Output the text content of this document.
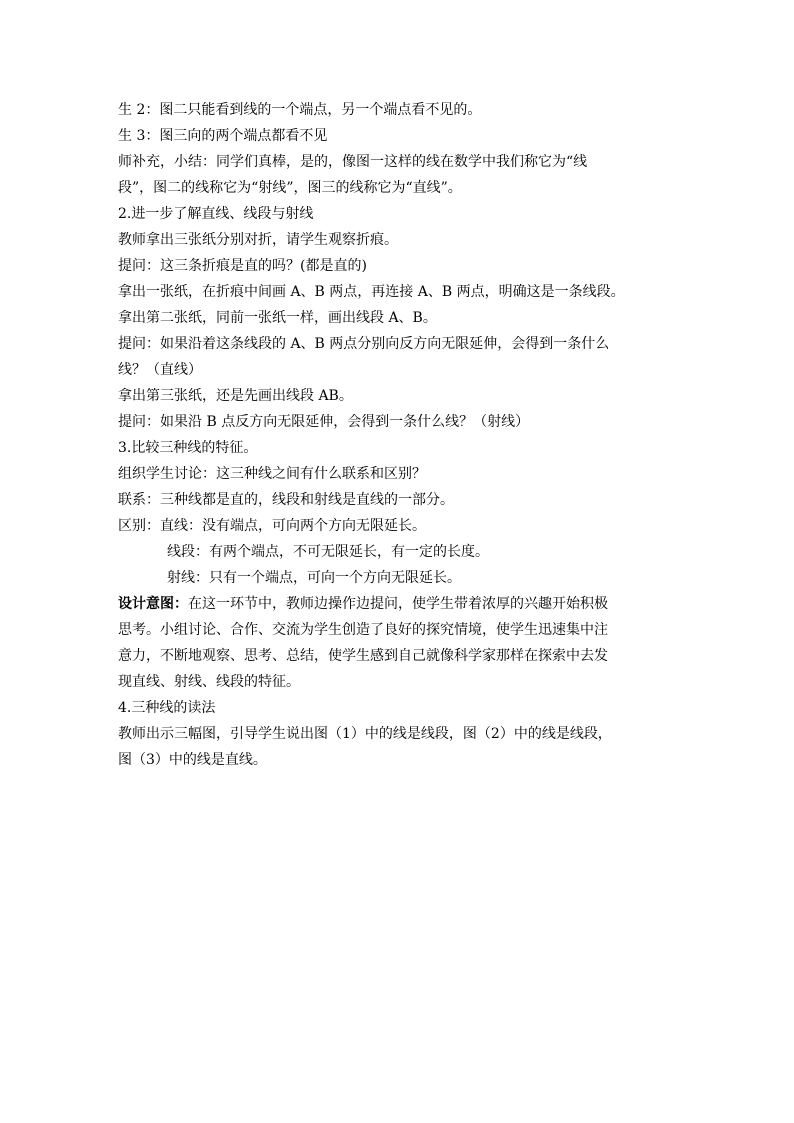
生 2：图二只能看到线的一个端点，另一个端点看不见的。
生 3：图三向的两个端点都看不见
师补充，小结：同学们真棒，是的，像图一这样的线在数学中我们称它为“线
段”，图二的线称它为“射线”，图三的线称它为“直线”。
2.进一步了解直线、线段与射线
教师拿出三张纸分别对折，请学生观察折痕。
提问：这三条折痕是直的吗？(都是直的)
拿出一张纸，在折痕中间画 A、B 两点，再连接 A、B 两点，明确这是一条线段。
拿出第二张纸，同前一张纸一样，画出线段 A、B。
提问：如果沿着这条线段的 A、B 两点分别向反方向无限延伸，会得到一条什么
线？（直线）
拿出第三张纸，还是先画出线段 AB。
提问：如果沿 B 点反方向无限延伸，会得到一条什么线？（射线）
3.比较三种线的特征。
组织学生讨论：这三种线之间有什么联系和区别？
联系：三种线都是直的，线段和射线是直线的一部分。
区别：直线：没有端点，可向两个方向无限延长。
线段：有两个端点，不可无限延长，有一定的长度。
射线：只有一个端点，可向一个方向无限延长。
设计意图：在这一环节中，教师边操作边提问，使学生带着浓厚的兴趣开始积极
思考。小组讨论、合作、交流为学生创造了良好的探究情境，使学生迅速集中注
意力，不断地观察、思考、总结，使学生感到自己就像科学家那样在探索中去发
现直线、射线、线段的特征。
4.三种线的读法
教师出示三幅图，引导学生说出图（1）中的线是线段，图（2）中的线是线段，
图（3）中的线是直线。
